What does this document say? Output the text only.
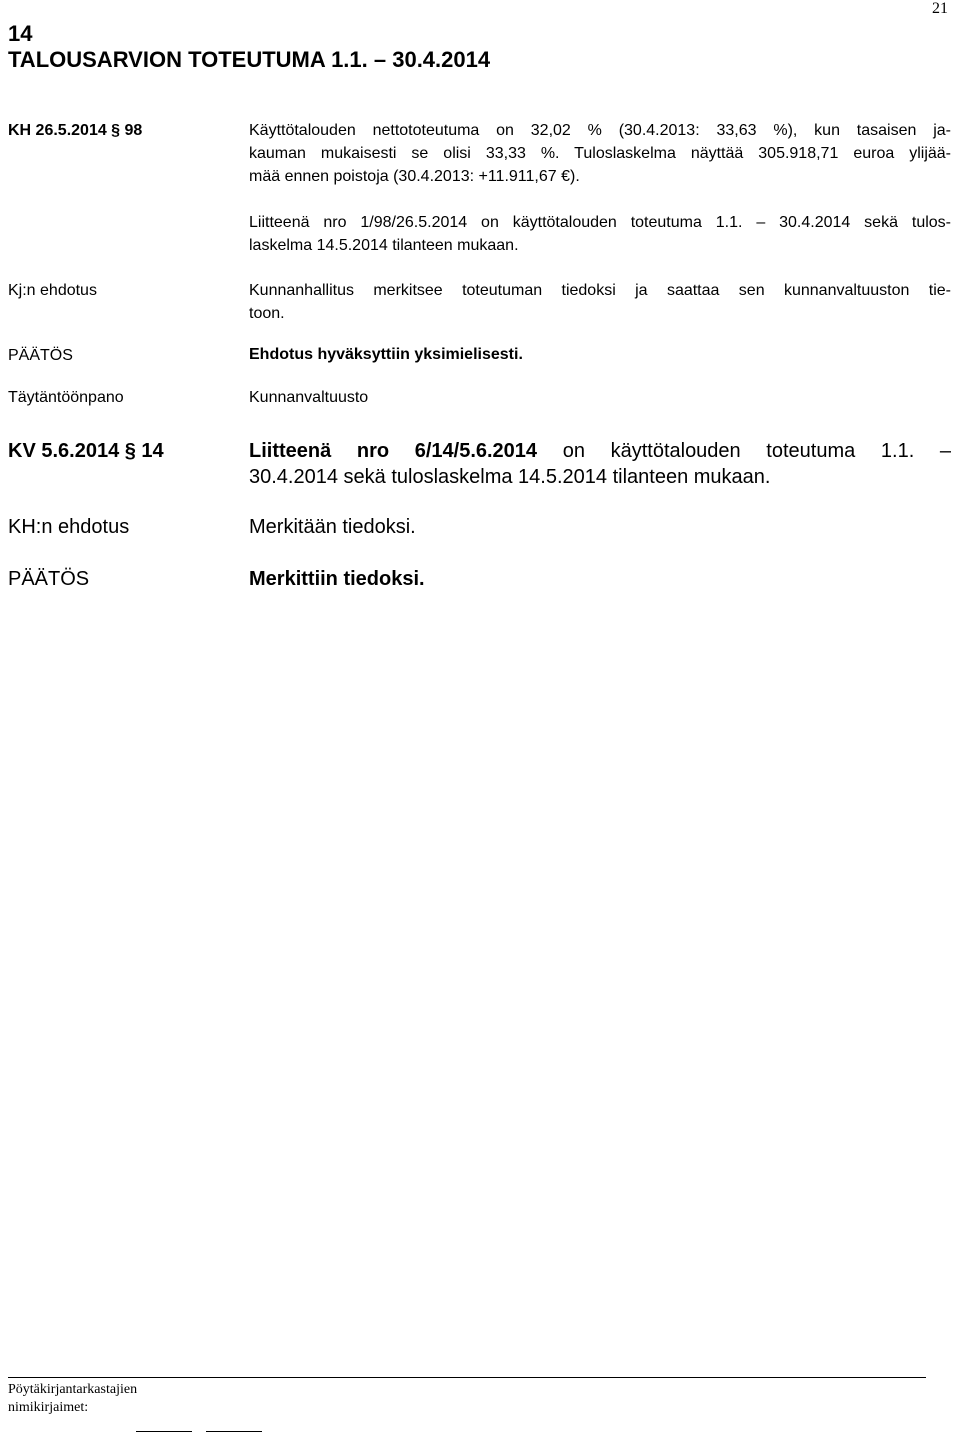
21
14
TALOUSARVION TOTEUTUMA 1.1. – 30.4.2014
KH 26.5.2014 § 98	Käyttötalouden nettototeutuma on 32,02 % (30.4.2013: 33,63 %), kun tasaisen ja-
kauman mukaisesti se olisi 33,33 %. Tuloslaskelma näyttää 305.918,71 euroa ylijää-
mää ennen poistoja (30.4.2013: +11.911,67 €).
Liitteenä nro 1/98/26.5.2014 on käyttötalouden toteutuma 1.1. – 30.4.2014 sekä tulos-
laskelma 14.5.2014 tilanteen mukaan.
Kj:n ehdotus	Kunnanhallitus merkitsee toteutuman tiedoksi ja saattaa sen kunnanvaltuuston tie-
toon.
PÄÄTÖS	Ehdotus hyväksyttiin yksimielisesti.
Täytäntöönpano	Kunnanvaltuusto
KV 5.6.2014 § 14	Liitteenä nro 6/14/5.6.2014 on käyttötalouden toteutuma 1.1. –
30.4.2014 sekä tuloslaskelma 14.5.2014 tilanteen mukaan.
KH:n ehdotus	Merkitään tiedoksi.
PÄÄTÖS	Merkittiin tiedoksi.
Pöytäkirjantarkastajien
nimikirjaimet:
